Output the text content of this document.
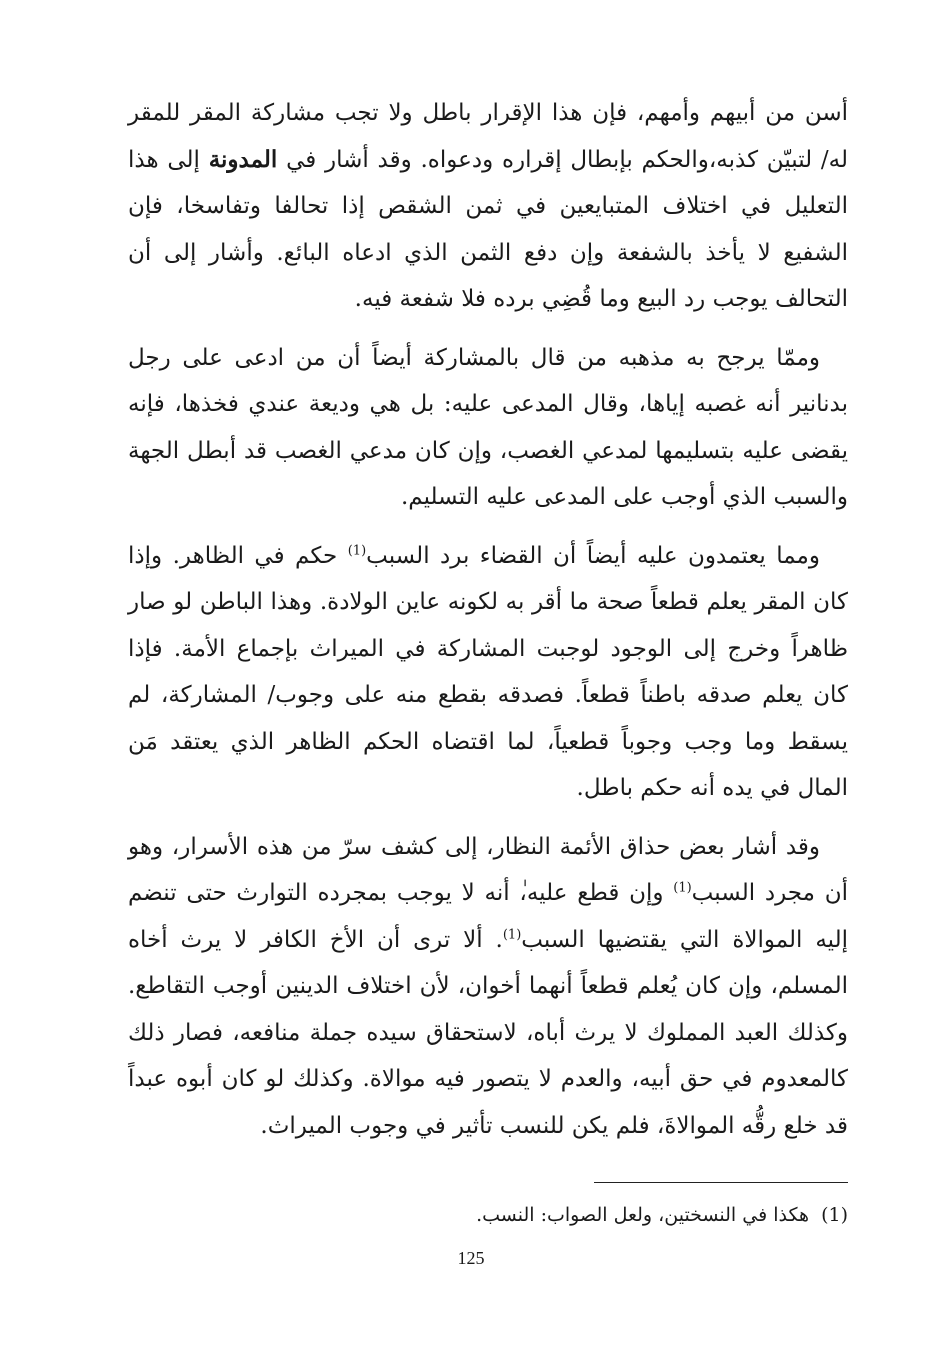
أسن من أبيهم وأمهم، فإن هذا الإقرار باطل ولا تجب مشاركة المقر للمقر له/ لتبيّن كذبه،والحكم بإبطال إقراره ودعواه. وقد أشار في المدونة إلى هذا التعليل في اختلاف المتبايعين في ثمن الشقص إذا تحالفا وتفاسخا، فإن الشفيع لا يأخذ بالشفعة وإن دفع الثمن الذي ادعاه البائع. وأشار إلى أن التحالف يوجب رد البيع وما قُضِي برده فلا شفعة فيه.

وممّا يرجح به مذهبه من قال بالمشاركة أيضاً أن من ادعى على رجل بدنانير أنه غصبه إياها، وقال المدعى عليه: بل هي وديعة عندي فخذها، فإنه يقضى عليه بتسليمها لمدعي الغصب، وإن كان مدعي الغصب قد أبطل الجهة والسبب الذي أوجب على المدعى عليه التسليم.

ومما يعتمدون عليه أيضاً أن القضاء برد السبب$^{(1)}$ حكم في الظاهر. وإذا كان المقر يعلم قطعاً صحة ما أقر به لكونه عاين الولادة. وهذا الباطن لو صار ظاهراً وخرج إلى الوجود لوجبت المشاركة في الميراث بإجماع الأمة. فإذا كان يعلم صدقه باطناً قطعاً. فصدقه بقطع منه على وجوب/ المشاركة، لم يسقط وما وجب وجوباً قطعياً، لما اقتضاه الحكم الظاهر الذي يعتقد مَن المال في يده أنه حكم باطل.

وقد أشار بعض حذاق الأئمة النظار، إلى كشف سرّ من هذه الأسرار، وهو أن مجرد السبب$^{(1)}$ وإن قطع عليه،ٰ أنه لا يوجب بمجرده التوارث حتى تنضم إليه الموالاة التي يقتضيها السبب$^{(1)}$. ألا ترى أن الأخ الكافر لا يرث أخاه المسلم، وإن كان يُعلم قطعاً أنهما أخوان، لأن اختلاف الدينين أوجب التقاطع. وكذلك العبد المملوك لا يرث أباه، لاستحقاق سيده جملة منافعه، فصار ذلك كالمعدوم في حق أبيه، والعدم لا يتصور فيه موالاة. وكذلك لو كان أبوه عبداً قد خلع رقُّه الموالاةَ، فلم يكن للنسب تأثير في وجوب الميراث.

(1)  هكذا في النسختين، ولعل الصواب: النسب.
125
